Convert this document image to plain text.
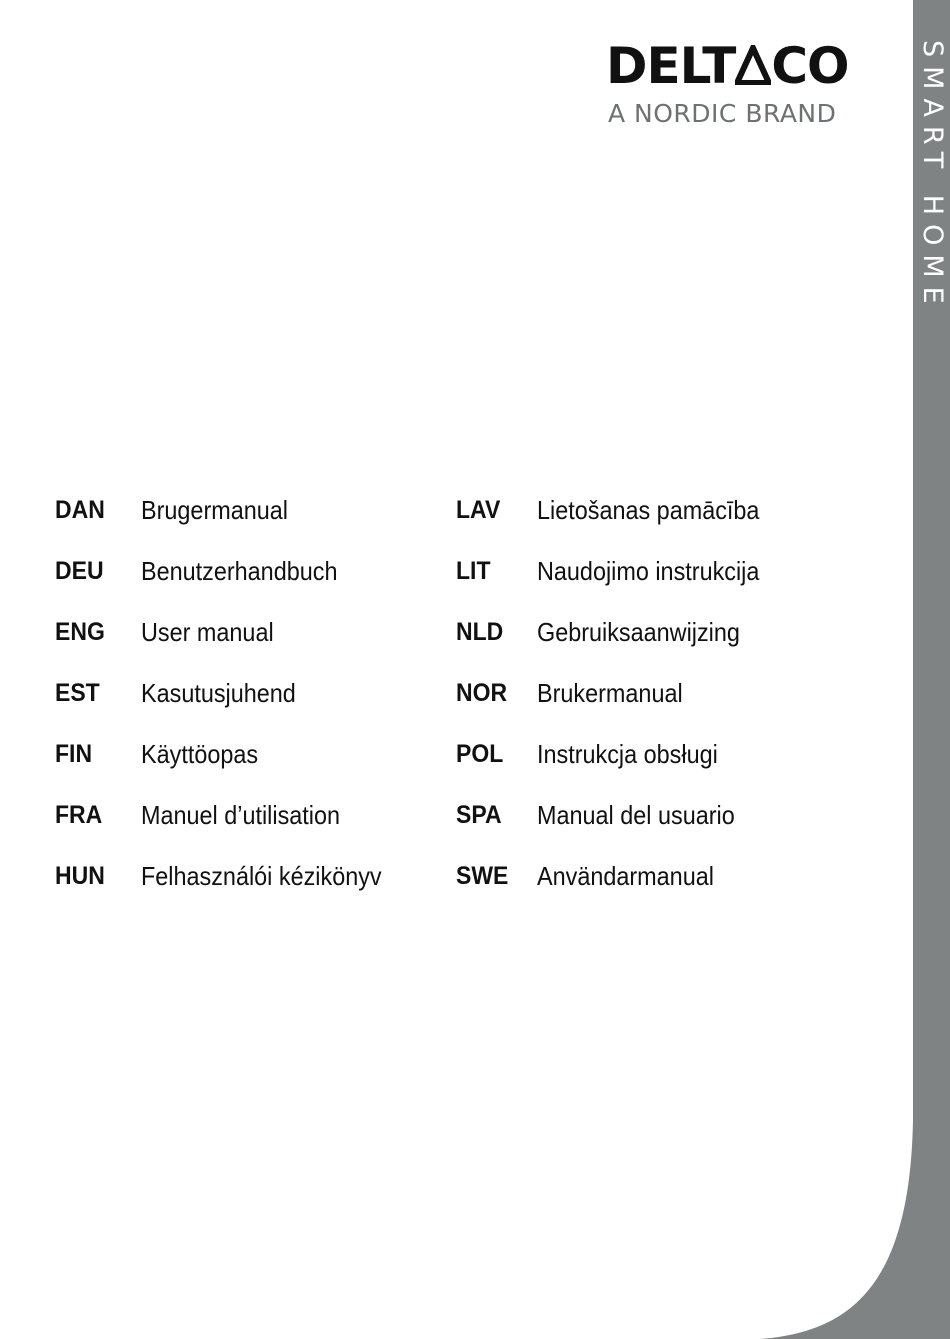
SMART HOME
DELT CO
A NORDIC BRAND
DAN Brugermanual
DEU Benutzerhandbuch
ENG User manual
EST Kasutusjuhend
FIN Käyttöopas
FRA Manuel d’utilisation
HUN Felhasználói kézikönyv
LAV Lietošanas pamācība
LIT Naudojimo instrukcija
NLD Gebruiksaanwijzing
NOR Brukermanual
POL Instrukcja obsługi
SPA Manual del usuario
SWE Användarmanual
